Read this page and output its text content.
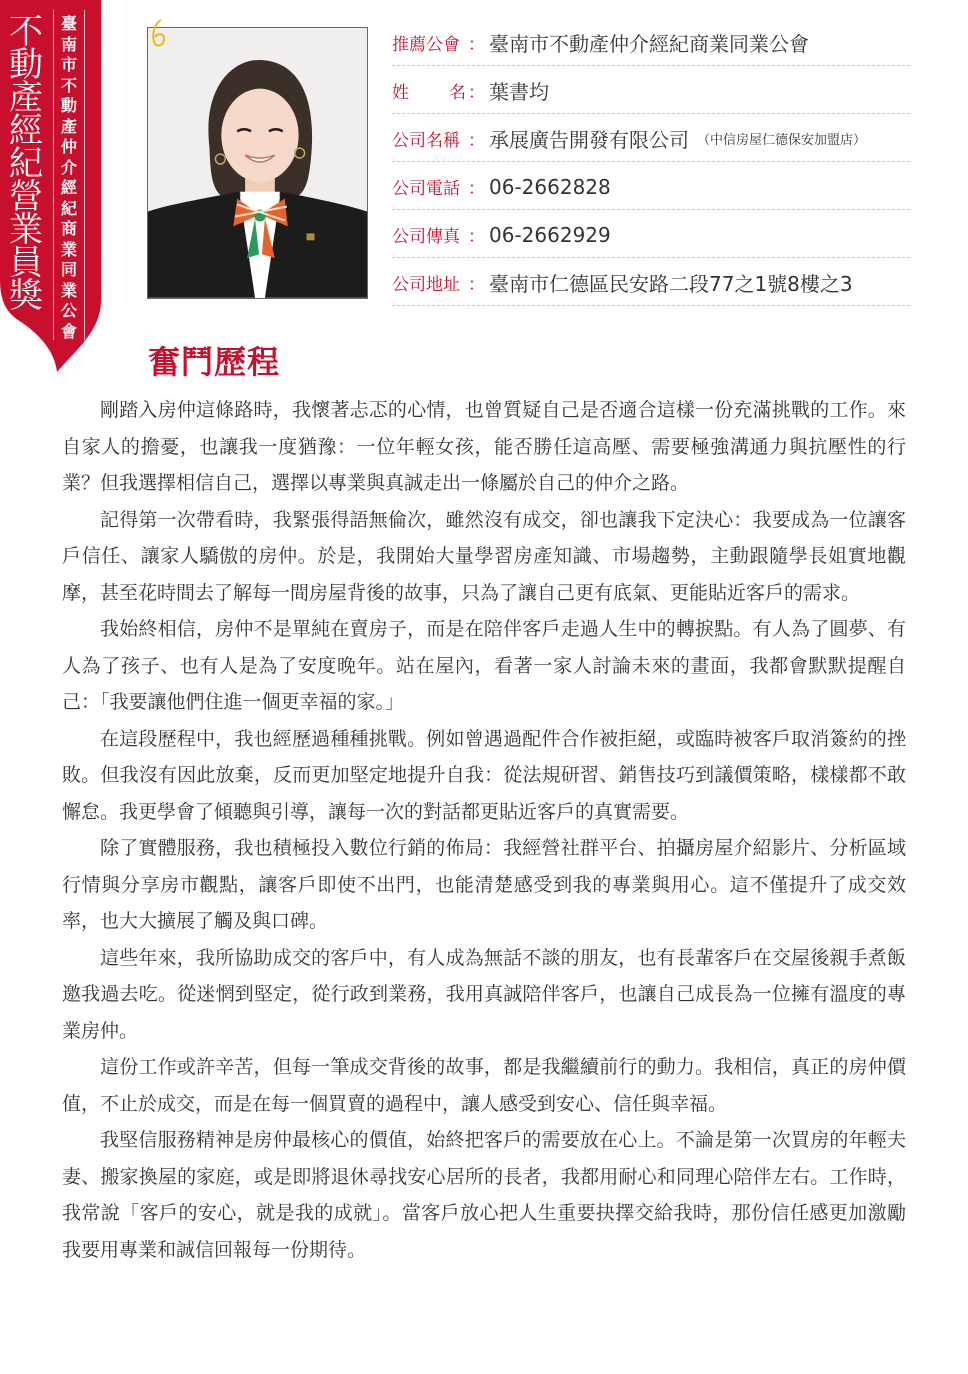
不
動
產
經
紀
營
業
員
獎
臺
南
市
不
動
產
仲
介
經
紀
商
業
同
業
公
會
推薦公會 ： 臺南市不動產仲介經紀商業同業公會
姓 名 ： 葉書均
公司名稱 ： 承展廣告開發有限公司 （中信房屋仁德保安加盟店）
公司電話 ： 06-2662828
公司傳真 ： 06-2662929
公司地址 ： 臺南市仁德區民安路二段77之1號8樓之3
奮鬥歷程

剛踏入房仲這條路時，我懷著忐忑的心情，也曾質疑自己是否適合這樣一份充滿挑戰的工作。來自家人的擔憂，也讓我一度猶豫：一位年輕女孩，能否勝任這高壓、需要極強溝通力與抗壓性的行業？但我選擇相信自己，選擇以專業與真誠走出一條屬於自己的仲介之路。

記得第一次帶看時，我緊張得語無倫次，雖然沒有成交，卻也讓我下定決心：我要成為一位讓客戶信任、讓家人驕傲的房仲。於是，我開始大量學習房產知識、市場趨勢，主動跟隨學長姐實地觀摩，甚至花時間去了解每一間房屋背後的故事，只為了讓自己更有底氣、更能貼近客戶的需求。

我始終相信，房仲不是單純在賣房子，而是在陪伴客戶走過人生中的轉捩點。有人為了圓夢、有人為了孩子、也有人是為了安度晚年。站在屋內，看著一家人討論未來的畫面，我都會默默提醒自己：「我要讓他們住進一個更幸福的家。」

在這段歷程中，我也經歷過種種挑戰。例如曾遇過配件合作被拒絕，或臨時被客戶取消簽約的挫敗。但我沒有因此放棄，反而更加堅定地提升自我：從法規研習、銷售技巧到議價策略，樣樣都不敢懈怠。我更學會了傾聽與引導，讓每一次的對話都更貼近客戶的真實需要。

除了實體服務，我也積極投入數位行銷的佈局：我經營社群平台、拍攝房屋介紹影片、分析區域行情與分享房市觀點，讓客戶即使不出門，也能清楚感受到我的專業與用心。這不僅提升了成交效率，也大大擴展了觸及與口碑。

這些年來，我所協助成交的客戶中，有人成為無話不談的朋友，也有長輩客戶在交屋後親手煮飯邀我過去吃。從迷惘到堅定，從行政到業務，我用真誠陪伴客戶，也讓自己成長為一位擁有溫度的專業房仲。

這份工作或許辛苦，但每一筆成交背後的故事，都是我繼續前行的動力。我相信，真正的房仲價值，不止於成交，而是在每一個買賣的過程中，讓人感受到安心、信任與幸福。

我堅信服務精神是房仲最核心的價值，始終把客戶的需要放在心上。不論是第一次買房的年輕夫妻、搬家換屋的家庭，或是即將退休尋找安心居所的長者，我都用耐心和同理心陪伴左右。工作時，我常說「客戶的安心，就是我的成就」。當客戶放心把人生重要抉擇交給我時，那份信任感更加激勵我要用專業和誠信回報每一份期待。
